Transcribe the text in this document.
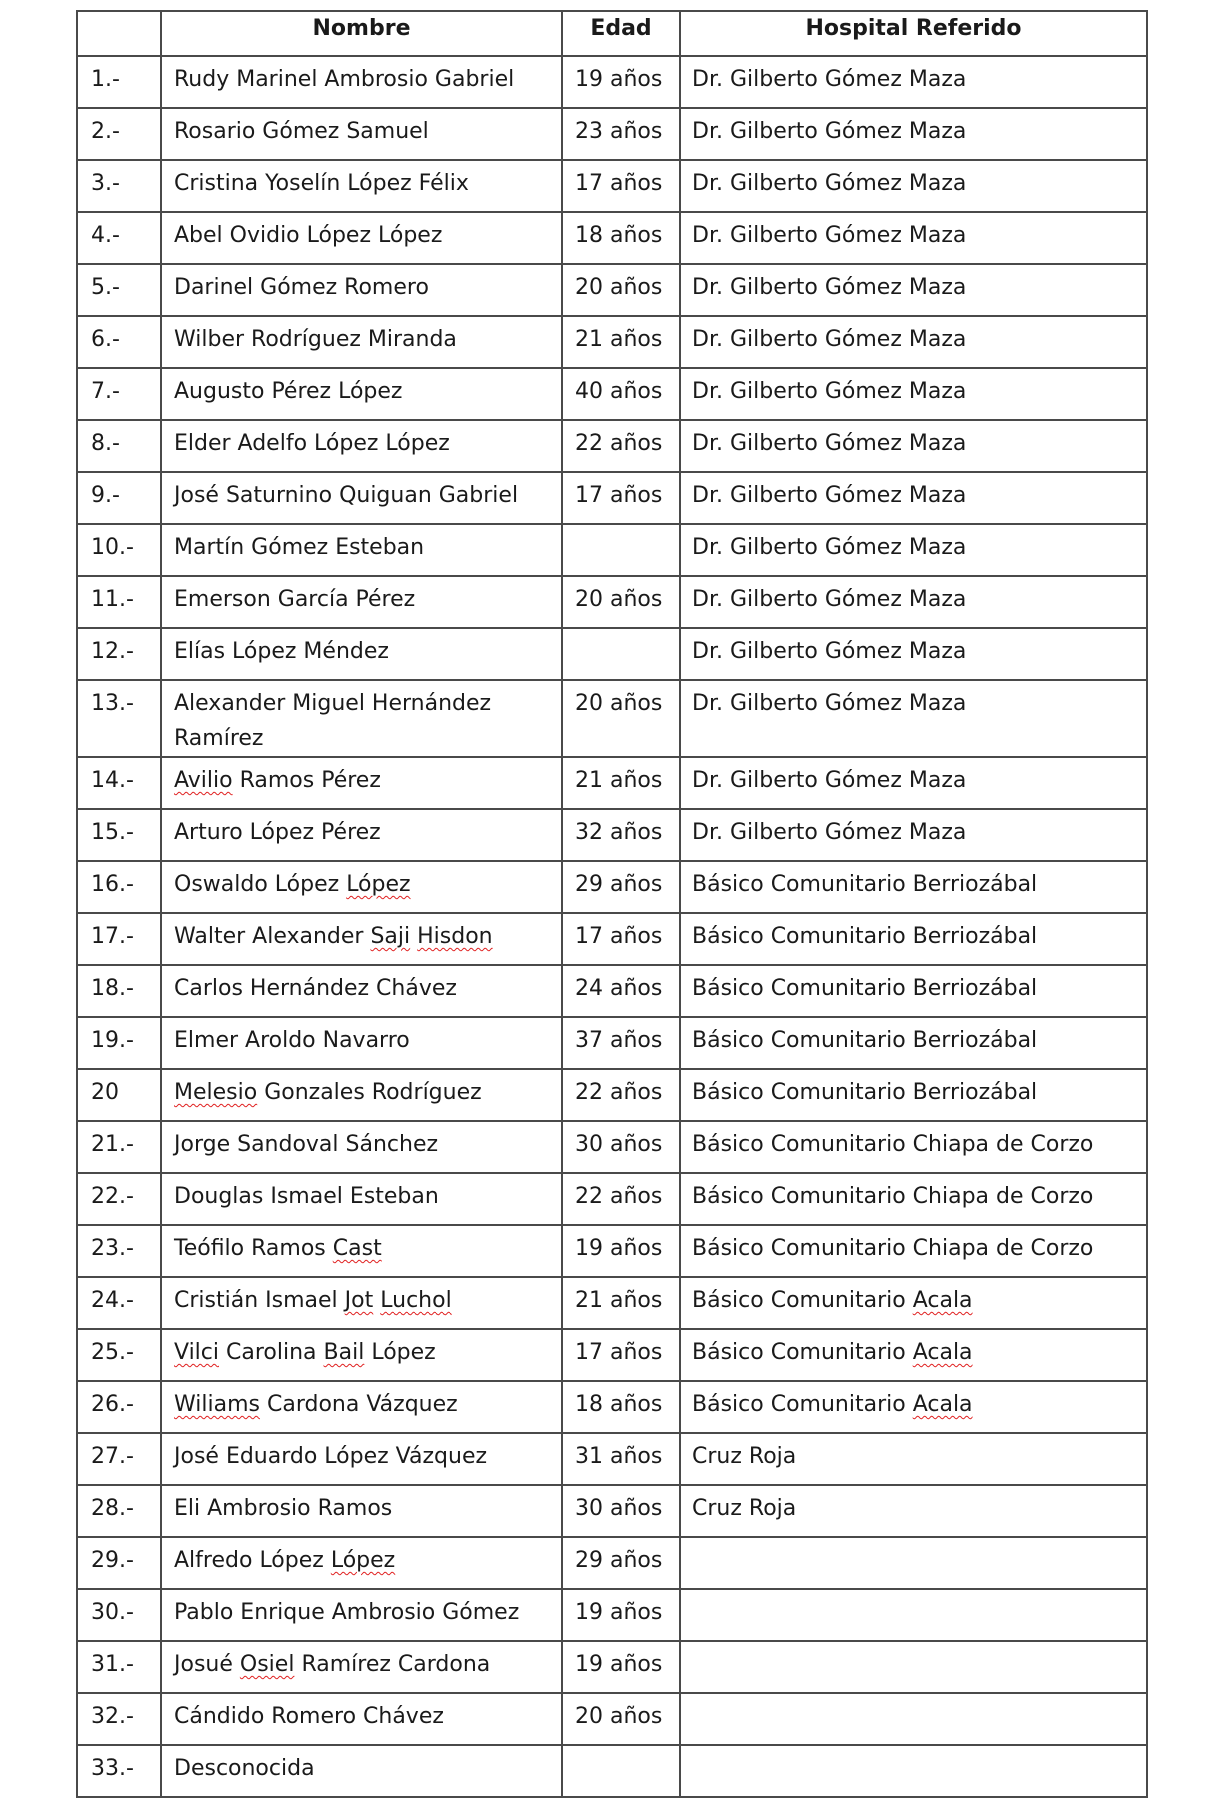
	Nombre	Edad	Hospital Referido
1.-	Rudy Marinel Ambrosio Gabriel	19 años	Dr. Gilberto Gómez Maza
2.-	Rosario Gómez Samuel	23 años	Dr. Gilberto Gómez Maza
3.-	Cristina Yoselín López Félix	17 años	Dr. Gilberto Gómez Maza
4.-	Abel Ovidio López López	18 años	Dr. Gilberto Gómez Maza
5.-	Darinel Gómez Romero	20 años	Dr. Gilberto Gómez Maza
6.-	Wilber Rodríguez Miranda	21 años	Dr. Gilberto Gómez Maza
7.-	Augusto Pérez López	40 años	Dr. Gilberto Gómez Maza
8.-	Elder Adelfo López López	22 años	Dr. Gilberto Gómez Maza
9.-	José Saturnino Quiguan Gabriel	17 años	Dr. Gilberto Gómez Maza
10.-	Martín Gómez Esteban		Dr. Gilberto Gómez Maza
11.-	Emerson García Pérez	20 años	Dr. Gilberto Gómez Maza
12.-	Elías López Méndez		Dr. Gilberto Gómez Maza
13.-	Alexander Miguel Hernández Ramírez	20 años	Dr. Gilberto Gómez Maza
14.-	Avilio Ramos Pérez	21 años	Dr. Gilberto Gómez Maza
15.-	Arturo López Pérez	32 años	Dr. Gilberto Gómez Maza
16.-	Oswaldo López López	29 años	Básico Comunitario Berriozábal
17.-	Walter Alexander Saji Hisdon	17 años	Básico Comunitario Berriozábal
18.-	Carlos Hernández Chávez	24 años	Básico Comunitario Berriozábal
19.-	Elmer Aroldo Navarro	37 años	Básico Comunitario Berriozábal
20	Melesio Gonzales Rodríguez	22 años	Básico Comunitario Berriozábal
21.-	Jorge Sandoval Sánchez	30 años	Básico Comunitario Chiapa de Corzo
22.-	Douglas Ismael Esteban	22 años	Básico Comunitario Chiapa de Corzo
23.-	Teófilo Ramos Cast	19 años	Básico Comunitario Chiapa de Corzo
24.-	Cristián Ismael Jot Luchol	21 años	Básico Comunitario Acala
25.-	Vilci Carolina Bail López	17 años	Básico Comunitario Acala
26.-	Wiliams Cardona Vázquez	18 años	Básico Comunitario Acala
27.-	José Eduardo López Vázquez	31 años	Cruz Roja
28.-	Eli Ambrosio Ramos	30 años	Cruz Roja
29.-	Alfredo López López	29 años	
30.-	Pablo Enrique Ambrosio Gómez	19 años	
31.-	Josué Osiel Ramírez Cardona	19 años	
32.-	Cándido Romero Chávez	20 años	
33.-	Desconocida		
